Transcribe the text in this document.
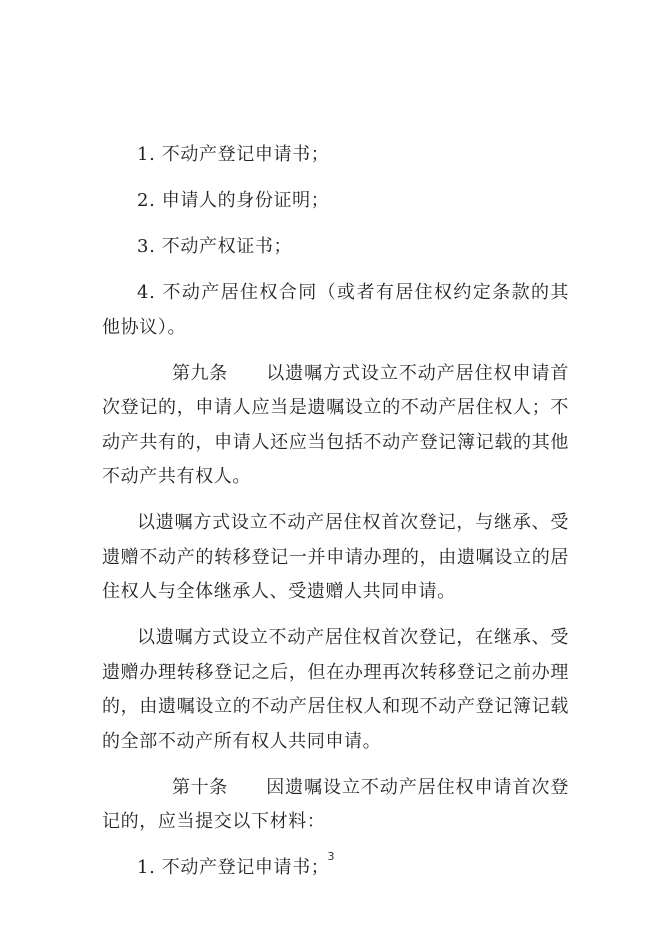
1. 不动产登记申请书；

2. 申请人的身份证明；

3. 不动产权证书；

4. 不动产居住权合同（或者有居住权约定条款的其他协议）。

第九条 以遗嘱方式设立不动产居住权申请首次登记的，申请人应当是遗嘱设立的不动产居住权人；不动产共有的，申请人还应当包括不动产登记簿记载的其他不动产共有权人。

以遗嘱方式设立不动产居住权首次登记，与继承、受遗赠不动产的转移登记一并申请办理的，由遗嘱设立的居住权人与全体继承人、受遗赠人共同申请。

以遗嘱方式设立不动产居住权首次登记，在继承、受遗赠办理转移登记之后，但在办理再次转移登记之前办理的，由遗嘱设立的不动产居住权人和现不动产登记簿记载的全部不动产所有权人共同申请。

第十条 因遗嘱设立不动产居住权申请首次登记的，应当提交以下材料：

1. 不动产登记申请书；

3
